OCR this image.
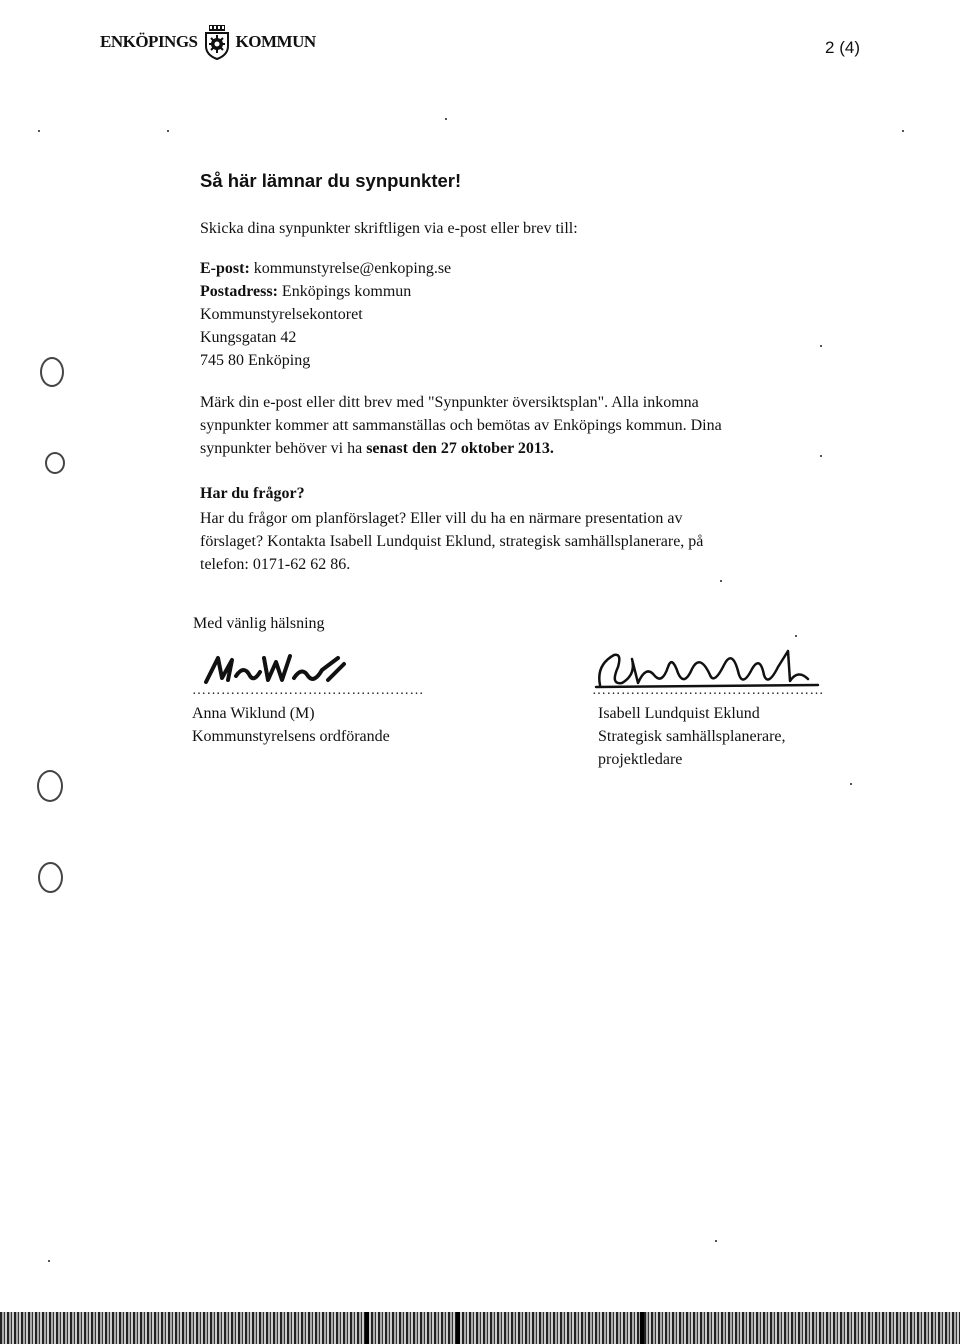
ENKÖPINGS KOMMUN	2 (4)
Så här lämnar du synpunkter!
Skicka dina synpunkter skriftligen via e-post eller brev till:
E-post: kommunstyrelse@enkoping.se
Postadress: Enköpings kommun
Kommunstyrelsekontoret
Kungsgatan 42
745 80 Enköping
Märk din e-post eller ditt brev med "Synpunkter översiktsplan". Alla inkomna
synpunkter kommer att sammanställas och bemötas av Enköpings kommun. Dina
synpunkter behöver vi ha senast den 27 oktober 2013.
Har du frågor?
Har du frågor om planförslaget? Eller vill du ha en närmare presentation av
förslaget? Kontakta Isabell Lundquist Eklund, strategisk samhällsplanerare, på
telefon: 0171-62 62 86.
Med vänlig hälsning
…………………………………………	…………………………………………
Anna Wiklund (M)
Kommunstyrelsens ordförande
Isabell Lundquist Eklund
Strategisk samhällsplanerare,
projektledare
